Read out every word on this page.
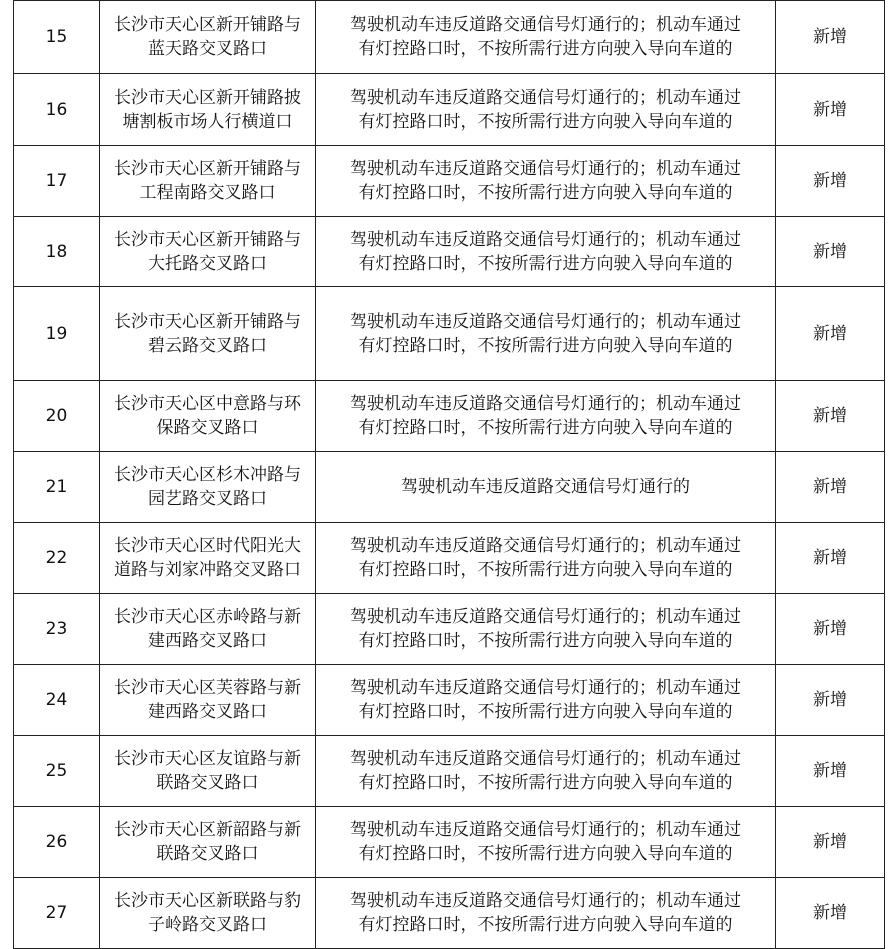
15	长沙市天心区新开铺路与
蓝天路交叉路口	驾驶机动车违反道路交通信号灯通行的；机动车通过
有灯控路口时，不按所需行进方向驶入导向车道的	新增
16	长沙市天心区新开铺路披
塘割板市场人行横道口	驾驶机动车违反道路交通信号灯通行的；机动车通过
有灯控路口时，不按所需行进方向驶入导向车道的	新增
17	长沙市天心区新开铺路与
工程南路交叉路口	驾驶机动车违反道路交通信号灯通行的；机动车通过
有灯控路口时，不按所需行进方向驶入导向车道的	新增
18	长沙市天心区新开铺路与
大托路交叉路口	驾驶机动车违反道路交通信号灯通行的；机动车通过
有灯控路口时，不按所需行进方向驶入导向车道的	新增
19	长沙市天心区新开铺路与
碧云路交叉路口	驾驶机动车违反道路交通信号灯通行的；机动车通过
有灯控路口时，不按所需行进方向驶入导向车道的	新增
20	长沙市天心区中意路与环
保路交叉路口	驾驶机动车违反道路交通信号灯通行的；机动车通过
有灯控路口时，不按所需行进方向驶入导向车道的	新增
21	长沙市天心区杉木冲路与
园艺路交叉路口	驾驶机动车违反道路交通信号灯通行的	新增
22	长沙市天心区时代阳光大
道路与刘家冲路交叉路口	驾驶机动车违反道路交通信号灯通行的；机动车通过
有灯控路口时，不按所需行进方向驶入导向车道的	新增
23	长沙市天心区赤岭路与新
建西路交叉路口	驾驶机动车违反道路交通信号灯通行的；机动车通过
有灯控路口时，不按所需行进方向驶入导向车道的	新增
24	长沙市天心区芙蓉路与新
建西路交叉路口	驾驶机动车违反道路交通信号灯通行的；机动车通过
有灯控路口时，不按所需行进方向驶入导向车道的	新增
25	长沙市天心区友谊路与新
联路交叉路口	驾驶机动车违反道路交通信号灯通行的；机动车通过
有灯控路口时，不按所需行进方向驶入导向车道的	新增
26	长沙市天心区新韶路与新
联路交叉路口	驾驶机动车违反道路交通信号灯通行的；机动车通过
有灯控路口时，不按所需行进方向驶入导向车道的	新增
27	长沙市天心区新联路与豹
子岭路交叉路口	驾驶机动车违反道路交通信号灯通行的；机动车通过
有灯控路口时，不按所需行进方向驶入导向车道的	新增
